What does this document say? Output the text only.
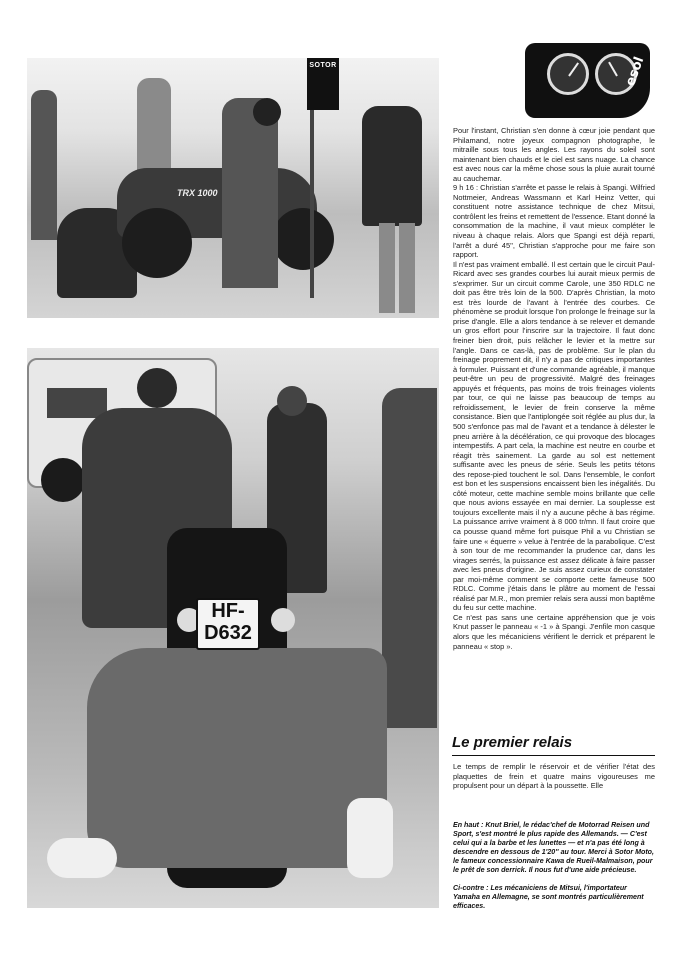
TRX 1000
SOTOR
HF-
D632
esol

Pour l'instant, Christian s'en donne à cœur joie pendant que Philamand, notre joyeux compagnon photographe, le mitraille sous tous les angles. Les rayons du soleil sont maintenant bien chauds et le ciel est sans nuage. La chance est avec nous car la même chose sous la pluie aurait tourné au cauchemar.

9 h 16 : Christian s'arrête et passe le relais à Spangi. Wilfried Nottmeier, Andreas Wassmann et Karl Heinz Vetter, qui constituent notre assistance technique de chez Mitsui, contrôlent les freins et remettent de l'essence. Etant donné la consommation de la machine, il vaut mieux compléter le niveau à chaque relais. Alors que Spangi est déjà reparti, l'arrêt a duré 45'', Christian s'approche pour me faire son rapport.

Il n'est pas vraiment emballé. Il est certain que le circuit Paul-Ricard avec ses grandes courbes lui aurait mieux permis de s'exprimer. Sur un circuit comme Carole, une 350 RDLC ne doit pas être très loin de la 500. D'après Christian, la moto est très lourde de l'avant à l'entrée des courbes. Ce phénomène se produit lorsque l'on prolonge le freinage sur la prise d'angle. Elle a alors tendance à se relever et demande un gros effort pour l'inscrire sur la trajectoire. Il faut donc freiner bien droit, puis relâcher le levier et la mettre sur l'angle. Dans ce cas-là, pas de problème. Sur le plan du freinage proprement dit, il n'y a pas de critiques importantes à formuler. Puissant et d'une commande agréable, il manque peut-être un peu de progressivité. Malgré des freinages appuyés et fréquents, pas moins de trois freinages violents par tour, ce qui ne laisse pas beaucoup de temps au refroidissement, le levier de frein conserve la même consistance. Bien que l'antiplongée soit réglée au plus dur, la 500 s'enfonce pas mal de l'avant et a tendance à délester le pneu arrière à la décélération, ce qui provoque des blocages intempestifs. A part cela, la machine est neutre en courbe et réagit très sainement. La garde au sol est nettement suffisante avec les pneus de série. Seuls les petits tétons des repose-pied touchent le sol. Dans l'ensemble, le confort est bon et les suspensions encaissent bien les inégalités. Du côté moteur, cette machine semble moins brillante que celle que nous avions essayée en mai dernier. La souplesse est toujours excellente mais il n'y a aucune pêche à bas régime. La puissance arrive vraiment à 8 000 tr/mn. Il faut croire que ca pousse quand même fort puisque Phil a vu Christian se faire une « équerre » velue à l'entrée de la parabolique. C'est à son tour de me recommander la prudence car, dans les virages serrés, la puissance est assez délicate à faire passer avec les pneus d'origine. Je suis assez curieux de constater par moi-même comment se comporte cette fameuse 500 RDLC. Comme j'étais dans le plâtre au moment de l'essai réalisé par M.R., mon premier relais sera aussi mon baptême du feu sur cette machine.

Ce n'est pas sans une certaine appréhension que je vois Knut passer le panneau « -1 » à Spangi. J'enfile mon casque alors que les mécaniciens vérifient le derrick et préparent le panneau « stop ».

Le premier relais
Le temps de remplir le réservoir et de vérifier l'état des plaquettes de frein et quatre mains vigoureuses me propulsent pour un départ à la poussette. Elle
En haut : Knut Briel, le rédac'chef de Motorrad Reisen und Sport, s'est montré le plus rapide des Allemands. — C'est celui qui a la barbe et les lunettes — et n'a pas été long à descendre en dessous de 1'20'' au tour. Merci à Sotor Moto, le fameux concessionnaire Kawa de Rueil-Malmaison, pour le prêt de son derrick. Il nous fut d'une aide précieuse.
Ci-contre : Les mécaniciens de Mitsui, l'importateur Yamaha en Allemagne, se sont montrés particulièrement efficaces.
